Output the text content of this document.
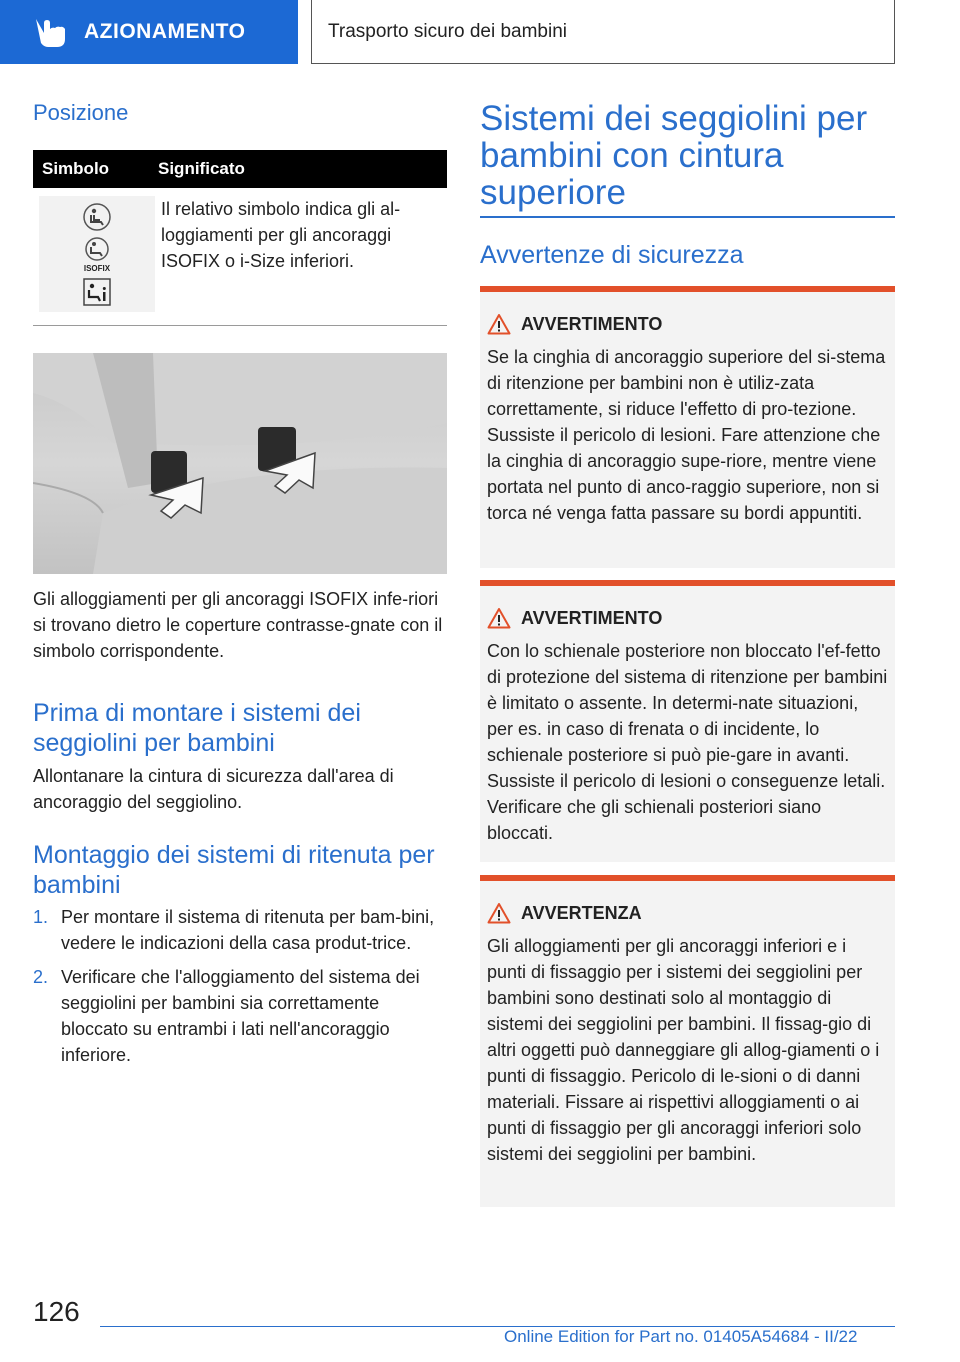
AZIONAMENTO	Trasporto sicuro dei bambini
Posizione
Simbolo	Significato
ISOFIX
Il relativo simbolo indica gli al-loggiamenti per gli ancoraggi ISOFIX o i-Size inferiori.
Gli alloggiamenti per gli ancoraggi ISOFIX infe-riori si trovano dietro le coperture contrasse-gnate con il simbolo corrispondente.
Prima di montare i sistemi dei seggiolini per bambini
Allontanare la cintura di sicurezza dall'area di ancoraggio del seggiolino.
Montaggio dei sistemi di ritenuta per bambini
1. Per montare il sistema di ritenuta per bam-bini, vedere le indicazioni della casa produt-trice.
2. Verificare che l'alloggiamento del sistema dei seggiolini per bambini sia correttamente bloccato su entrambi i lati nell'ancoraggio inferiore.
Sistemi dei seggiolini per bambini con cintura superiore
Avvertenze di sicurezza
AVVERTIMENTO
Se la cinghia di ancoraggio superiore del si-stema di ritenzione per bambini non è utiliz-zata correttamente, si riduce l'effetto di pro-tezione. Sussiste il pericolo di lesioni. Fare attenzione che la cinghia di ancoraggio supe-riore, mentre viene portata nel punto di anco-raggio superiore, non si torca né venga fatta passare su bordi appuntiti.
AVVERTIMENTO
Con lo schienale posteriore non bloccato l'ef-fetto di protezione del sistema di ritenzione per bambini è limitato o assente. In determi-nate situazioni, per es. in caso di frenata o di incidente, lo schienale posteriore si può pie-gare in avanti. Sussiste il pericolo di lesioni o conseguenze letali. Verificare che gli schienali posteriori siano bloccati.
AVVERTENZA
Gli alloggiamenti per gli ancoraggi inferiori e i punti di fissaggio per i sistemi dei seggiolini per bambini sono destinati solo al montaggio di sistemi dei seggiolini per bambini. Il fissag-gio di altri oggetti può danneggiare gli allog-giamenti o i punti di fissaggio. Pericolo di le-sioni o di danni materiali. Fissare ai rispettivi alloggiamenti o ai punti di fissaggio per gli ancoraggi inferiori solo sistemi dei seggiolini per bambini.
126
Online Edition for Part no. 01405A54684 - II/22
